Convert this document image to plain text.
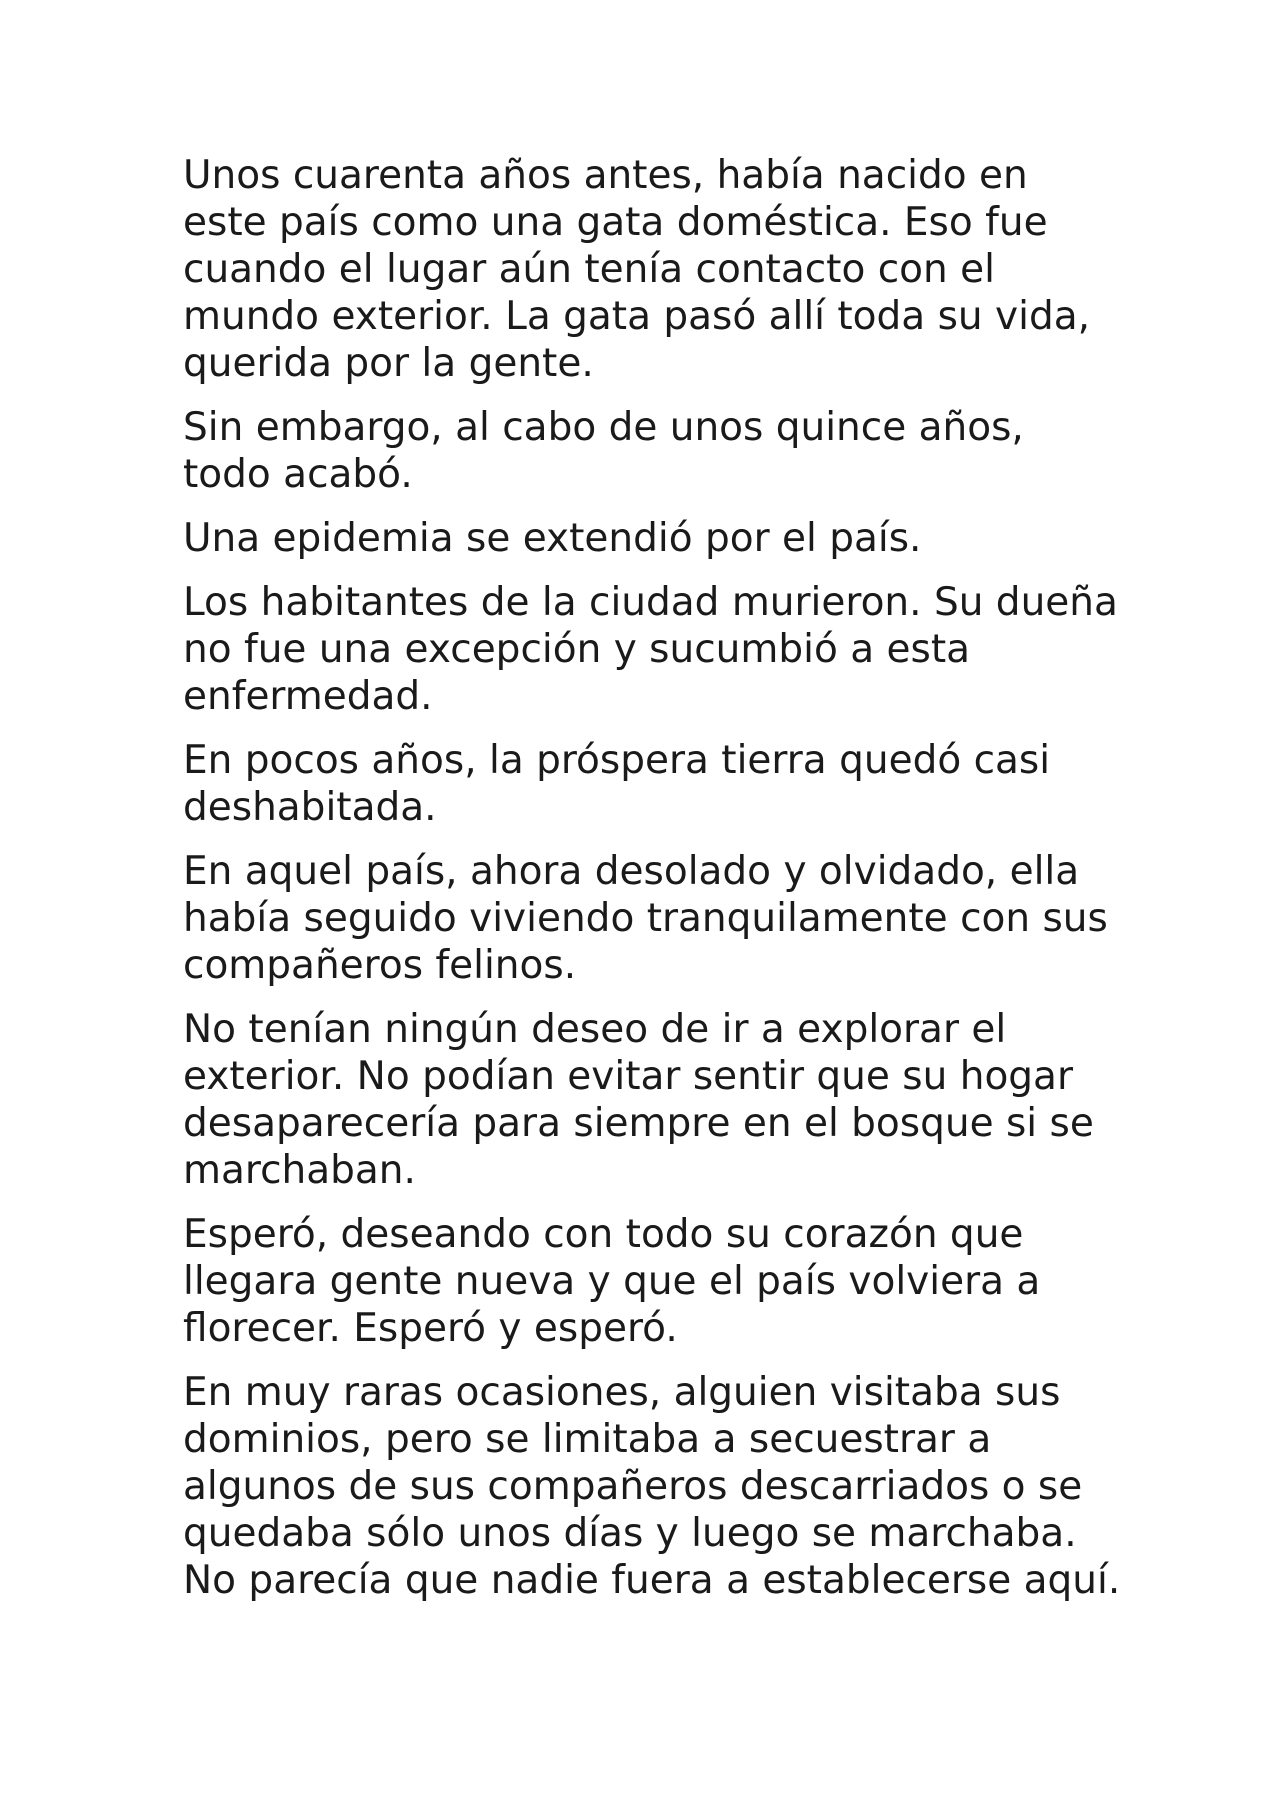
Unos cuarenta años antes, había nacido en este país como una gata doméstica. Eso fue cuando el lugar aún tenía contacto con el mundo exterior. La gata pasó allí toda su vida, querida por la gente.

Sin embargo, al cabo de unos quince años, todo acabó.

Una epidemia se extendió por el país.

Los habitantes de la ciudad murieron. Su dueña no fue una excepción y sucumbió a esta enfermedad.

En pocos años, la próspera tierra quedó casi deshabitada.

En aquel país, ahora desolado y olvidado, ella había seguido viviendo tranquilamente con sus compañeros felinos.

No tenían ningún deseo de ir a explorar el exterior. No podían evitar sentir que su hogar desaparecería para siempre en el bosque si se marchaban.

Esperó, deseando con todo su corazón que llegara gente nueva y que el país volviera a florecer. Esperó y esperó.

En muy raras ocasiones, alguien visitaba sus dominios, pero se limitaba a secuestrar a algunos de sus compañeros descarriados o se quedaba sólo unos días y luego se marchaba. No parecía que nadie fuera a establecerse aquí.
